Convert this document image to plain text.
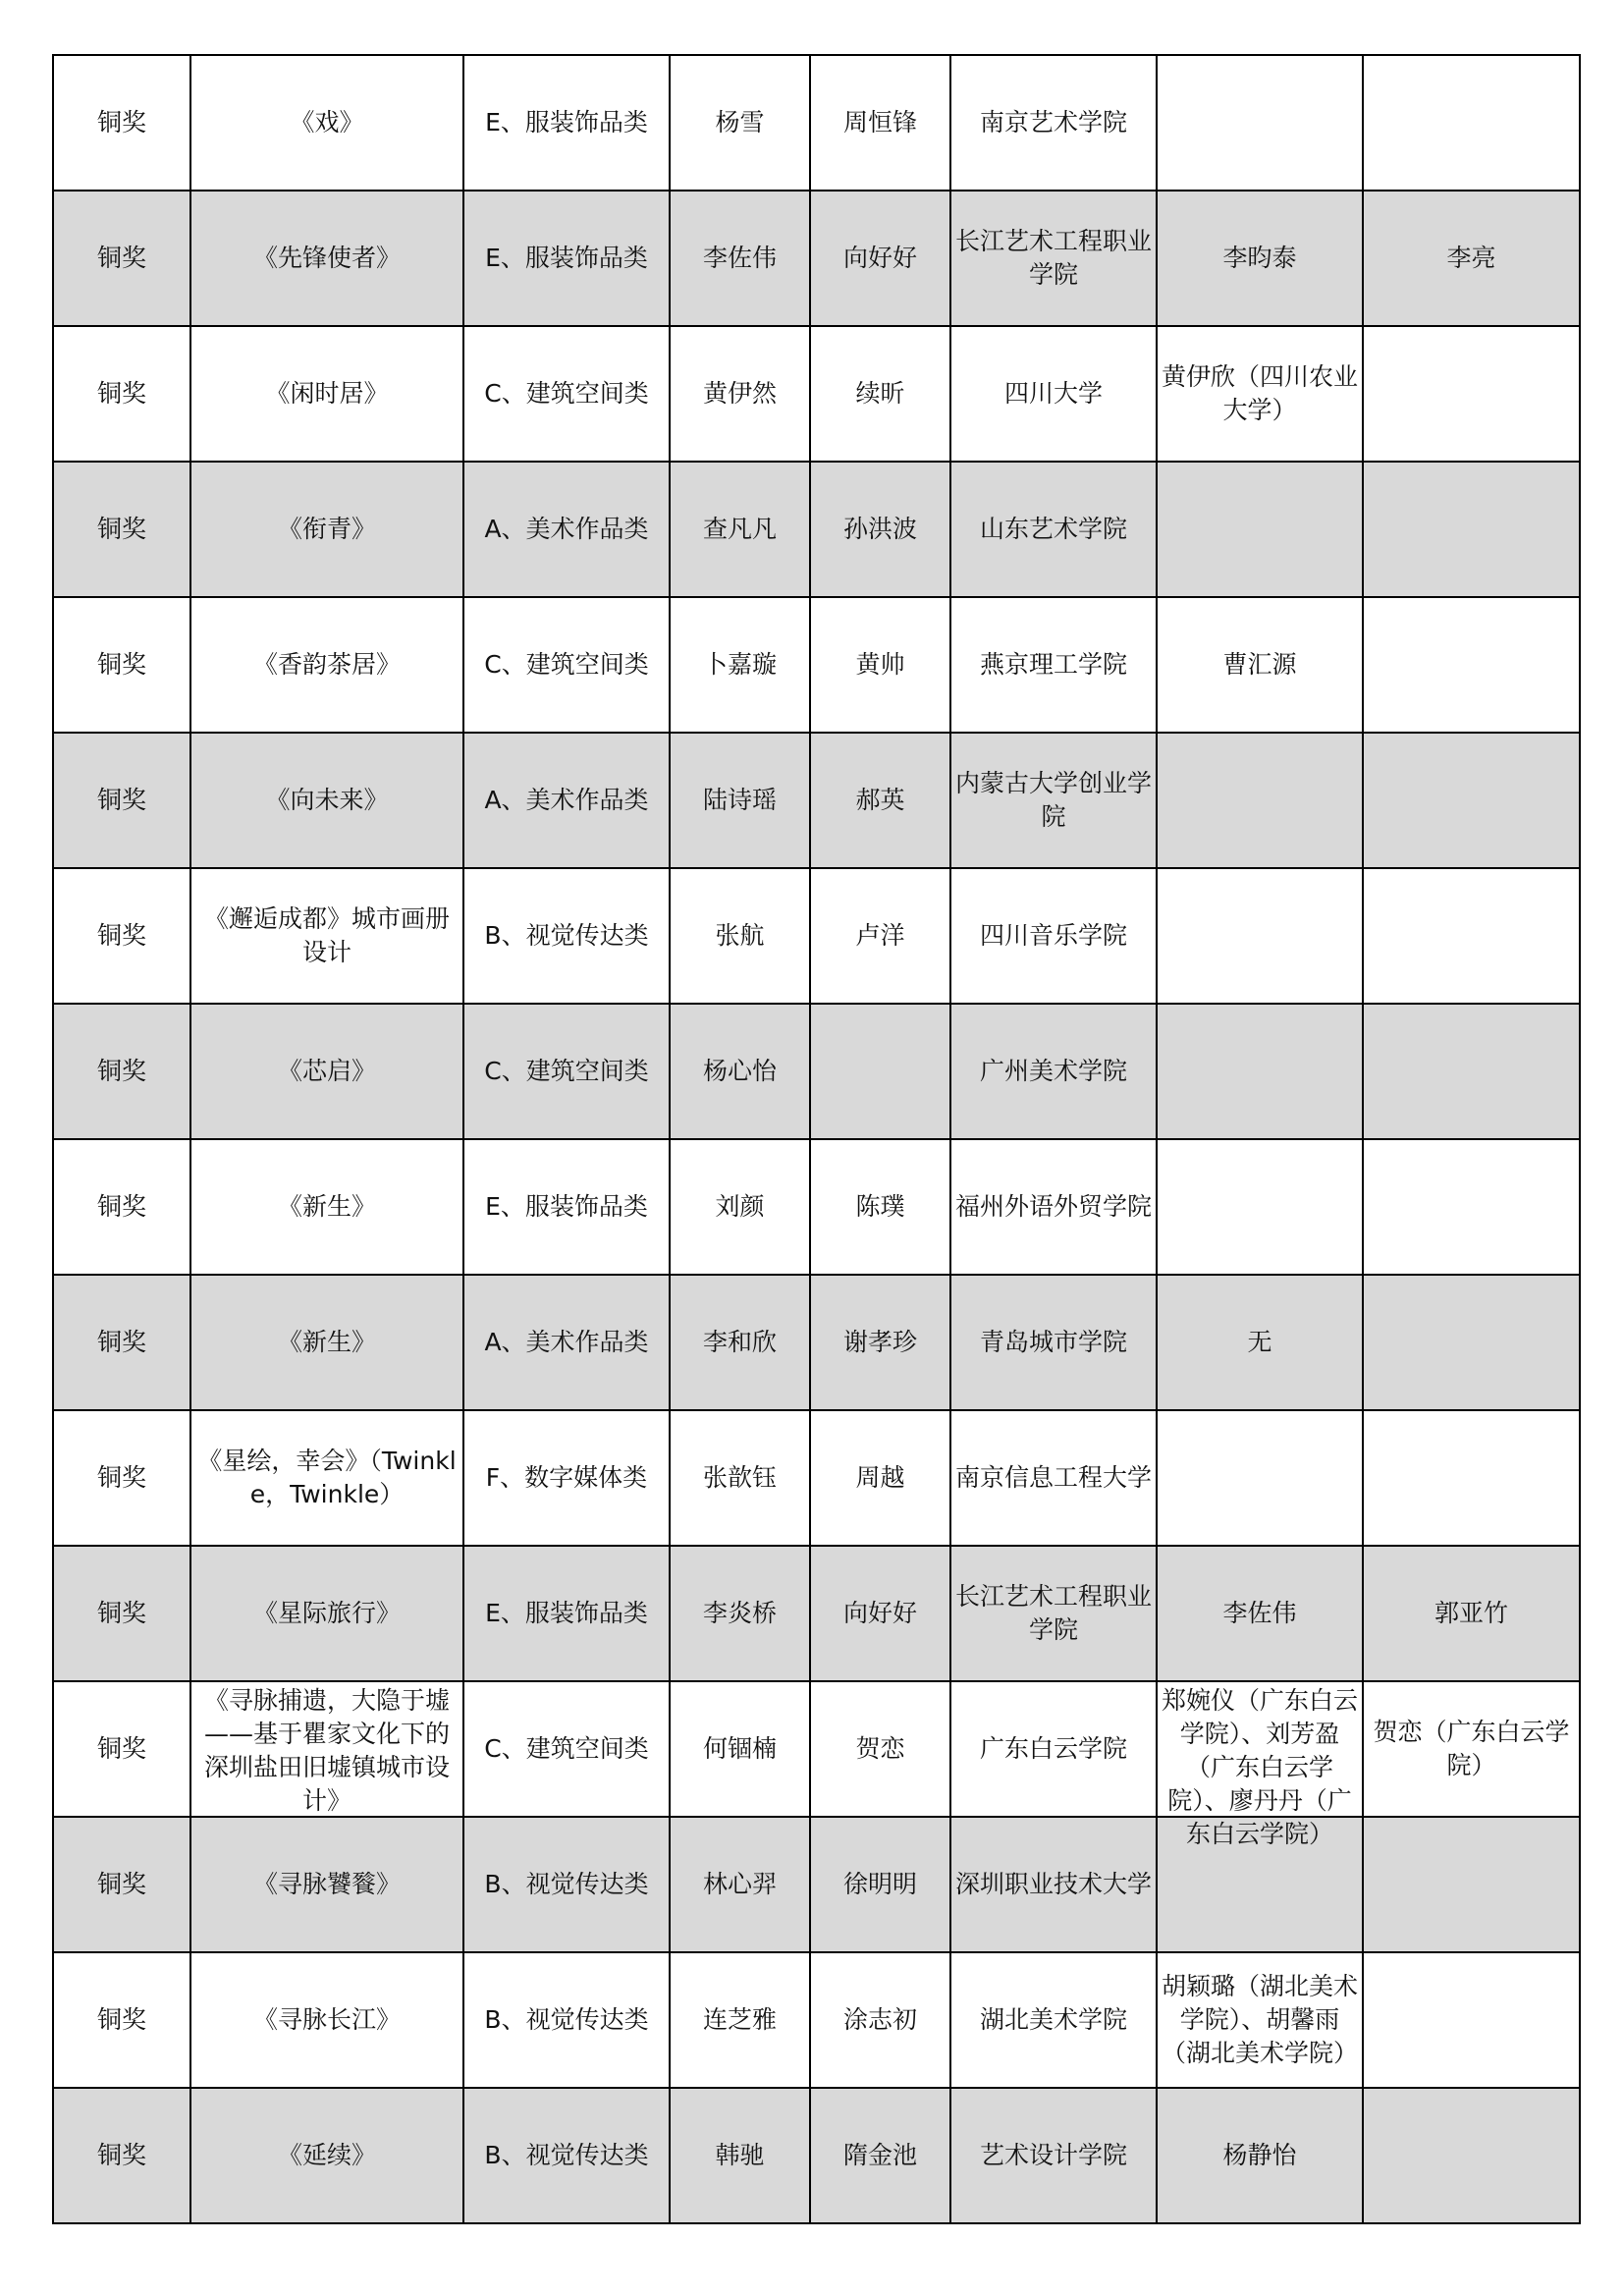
铜奖	《戏》	E、服装饰品类	杨雪	周恒锋	南京艺术学院		

铜奖	《先锋使者》	E、服装饰品类	李佐伟	向好好	长江艺术工程职业学院	李昀泰	李亮

铜奖	《闲时居》	C、建筑空间类	黄伊然	续昕	四川大学	黄伊欣（四川农业大学）	

铜奖	《衔青》	A、美术作品类	查凡凡	孙洪波	山东艺术学院		

铜奖	《香韵茶居》	C、建筑空间类	卜嘉璇	黄帅	燕京理工学院	曹汇源	

铜奖	《向未来》	A、美术作品类	陆诗瑶	郝英	内蒙古大学创业学院		

铜奖	《邂逅成都》城市画册设计	B、视觉传达类	张航	卢洋	四川音乐学院		

铜奖	《芯启》	C、建筑空间类	杨心怡		广州美术学院		

铜奖	《新生》	E、服装饰品类	刘颜	陈璞	福州外语外贸学院		

铜奖	《新生》	A、美术作品类	李和欣	谢孝珍	青岛城市学院	无	

铜奖	《星绘，幸会》（Twinkle，Twinkle）	F、数字媒体类	张歆钰	周越	南京信息工程大学		

铜奖	《星际旅行》	E、服装饰品类	李炎桥	向好好	长江艺术工程职业学院	李佐伟	郭亚竹

铜奖	《寻脉捕遗，大隐于墟——基于瞿家文化下的深圳盐田旧墟镇城市设计》	C、建筑空间类	何锢楠	贺恋	广东白云学院	郑婉仪（广东白云学院）、刘芳盈（广东白云学院）、廖丹丹（广东白云学院）	贺恋（广东白云学院）

铜奖	《寻脉饕餮》	B、视觉传达类	林心羿	徐明明	深圳职业技术大学		

铜奖	《寻脉长江》	B、视觉传达类	连芝雅	涂志初	湖北美术学院	胡颖璐（湖北美术学院）、胡馨雨（湖北美术学院）	

铜奖	《延续》	B、视觉传达类	韩驰	隋金池	艺术设计学院	杨静怡	
